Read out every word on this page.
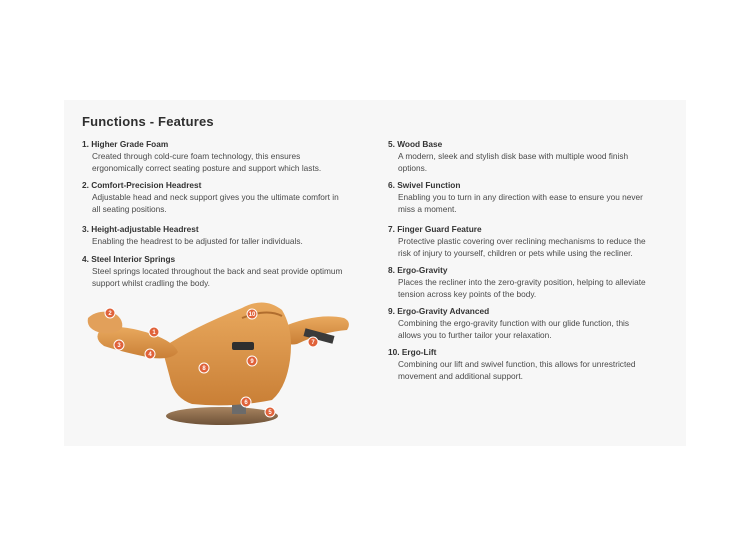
Functions - Features
1. Higher Grade Foam
Created through cold-cure foam technology, this ensures
ergonomically correct seating posture and support which lasts.
2. Comfort-Precision Headrest
Adjustable head and neck support gives you the ultimate comfort in
all seating positions.
3. Height-adjustable Headrest
Enabling the headrest to be adjusted for taller individuals.
4. Steel Interior Springs
Steel springs located throughout the back and seat provide optimum
support whilst cradling the body.
5. Wood Base
A modern, sleek and stylish disk base with multiple wood finish
options.
6. Swivel Function
Enabling you to turn in any direction with ease to ensure you never
miss a moment.
7. Finger Guard Feature
Protective plastic covering over reclining mechanisms to reduce the
risk of injury to yourself, children or pets while using the recliner.
8. Ergo-Gravity
Places the recliner into the zero-gravity position, helping to alleviate
tension across key points of the body.
9. Ergo-Gravity Advanced
Combining the ergo-gravity function with our glide function, this
allows you to further tailor your relaxation.
10. Ergo-Lift
Combining our lift and swivel function, this allows for unrestricted
movement and additional support.
1
2
3
4
5
6
7
8
9
10
